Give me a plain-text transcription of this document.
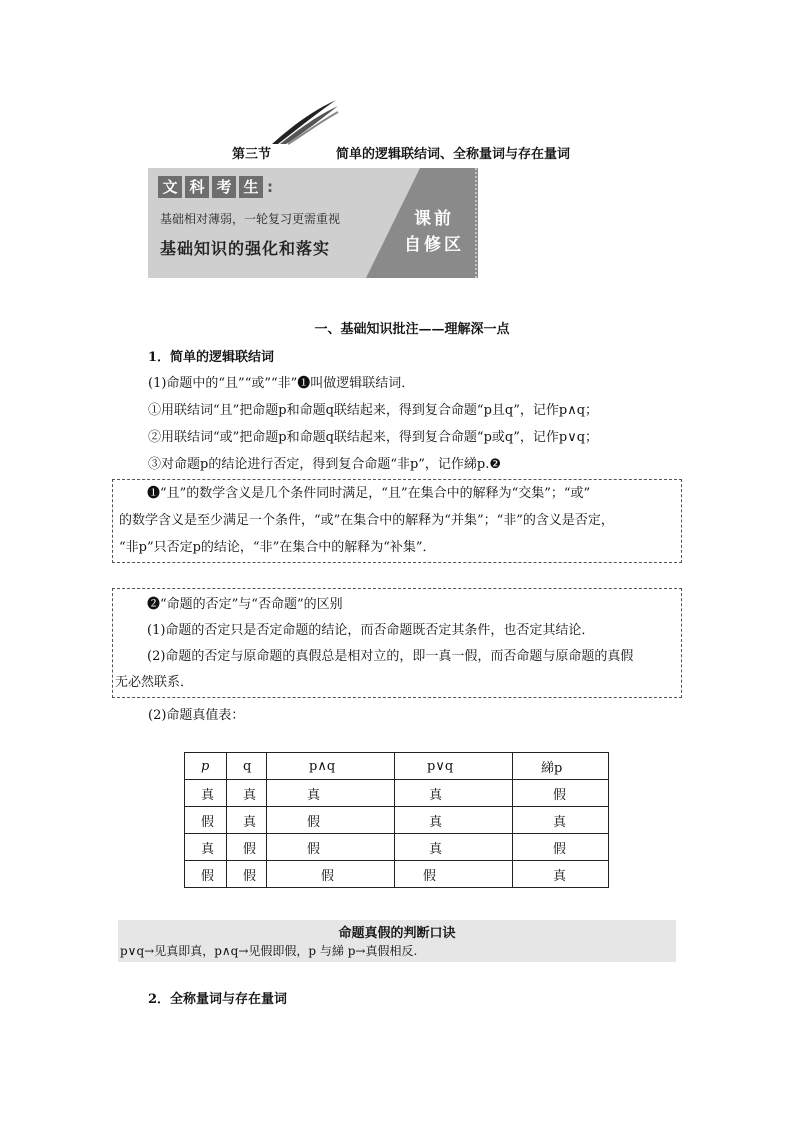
第三节	简单的逻辑联结词、全称量词与存在量词
文 科 考 生 :
基础相对薄弱，一轮复习更需重视
基础知识的强化和落实
课前
自修区
一、基础知识批注——理解深一点
1．简单的逻辑联结词
(1)命题中的“且”“或”“非”❶叫做逻辑联结词．
①用联结词“且”把命题p和命题q联结起来，得到复合命题“p且q”，记作p∧q；
②用联结词“或”把命题p和命题q联结起来，得到复合命题“p或q”，记作p∨q；
③对命题p的结论进行否定，得到复合命题“非p”，记作綈p.❷
❶“且”的数学含义是几个条件同时满足，“且”在集合中的解释为“交集”；“或”
的数学含义是至少满足一个条件，“或”在集合中的解释为“并集”；“非”的含义是否定，
“非p”只否定p的结论，“非”在集合中的解释为“补集”．
❷“命题的否定”与“否命题”的区别
(1)命题的否定只是否定命题的结论，而否命题既否定其条件，也否定其结论．
(2)命题的否定与原命题的真假总是相对立的，即一真一假，而否命题与原命题的真假
无必然联系．
(2)命题真值表：
p	q	p∧q	p∨q	綈p
真	真	真	真	假
假	真	假	真	真
真	假	假	真	假
假	假	假	假	真
命题真假的判断口诀
p∨q→见真即真，p∧q→见假即假，p 与綈 p→真假相反.
2．全称量词与存在量词
